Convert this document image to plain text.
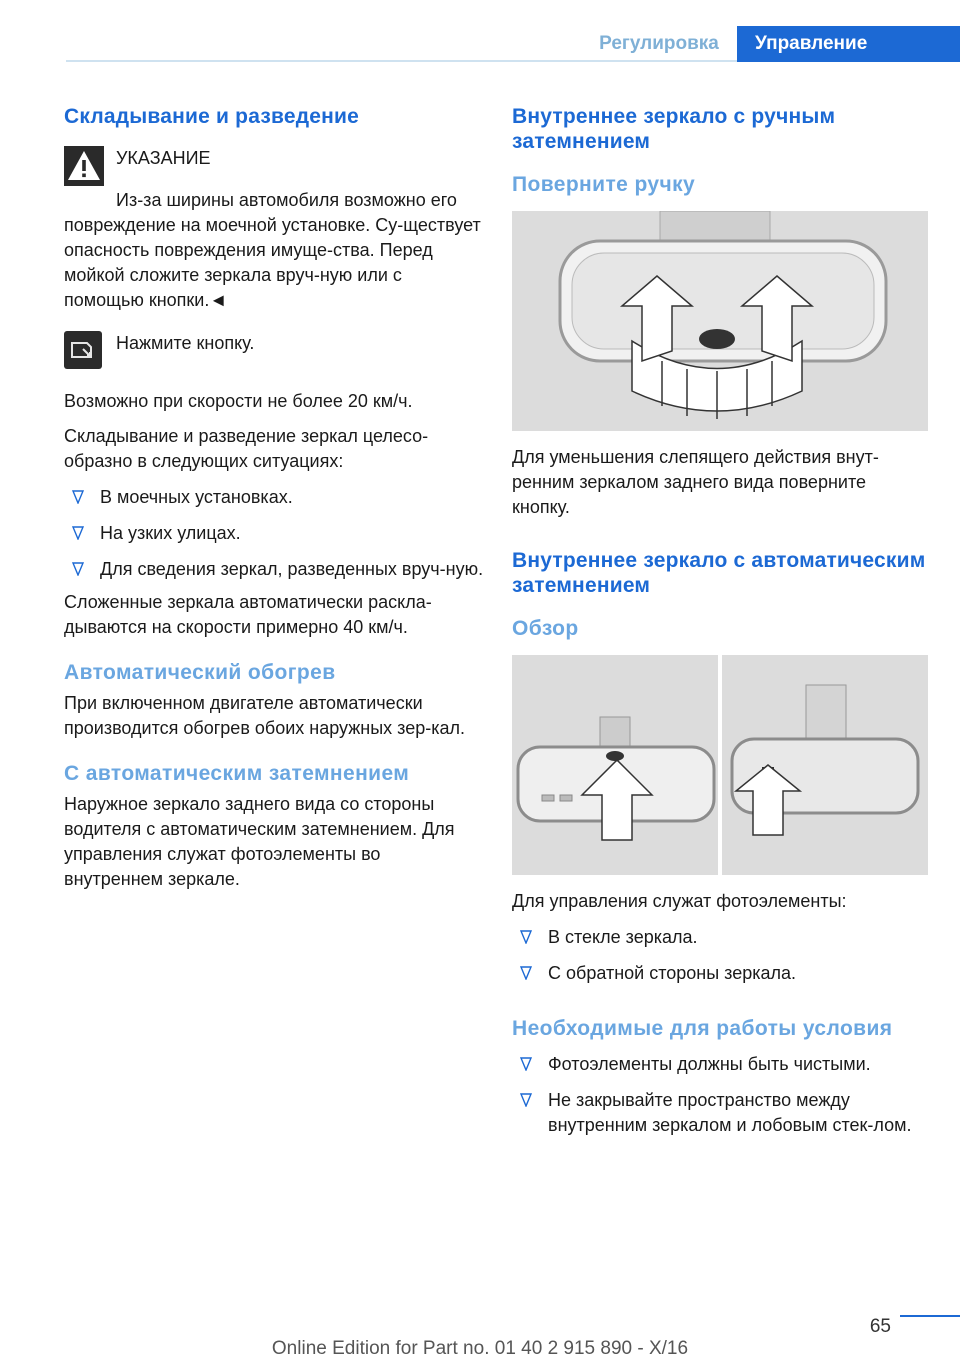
Регулировка	Управление
Складывание и разведение
УКАЗАНИЕ

Из-за ширины автомобиля возможно его повреждение на моечной установке. Су-ществует опасность повреждения имуще-ства. Перед мойкой сложите зеркала вруч-ную или с помощью кнопки.◄

Нажмите кнопку.

Возможно при скорости не более 20 км/ч.

Складывание и разведение зеркал целесо-образно в следующих ситуациях:

В моечных установках.
На узких улицах.
Для сведения зеркал, разведенных вруч-ную.

Сложенные зеркала автоматически раскла-дываются на скорости примерно 40 км/ч.

Автоматический обогрев

При включенном двигателе автоматически производится обогрев обоих наружных зер-кал.

С автоматическим затемнением

Наружное зеркало заднего вида со стороны водителя с автоматическим затемнением. Для управления служат фотоэлементы во внутреннем зеркале.

Внутреннее зеркало с ручным затемнением
Поверните ручку

Для уменьшения слепящего действия внут-ренним зеркалом заднего вида поверните кнопку.

Внутреннее зеркало с автоматическим затемнением
Обзор

Для управления служат фотоэлементы:

В стекле зеркала.
С обратной стороны зеркала.
Необходимые для работы условия
Фотоэлементы должны быть чистыми.
Не закрывайте пространство между внутренним зеркалом и лобовым стек-лом.
65
Online Edition for Part no. 01 40 2 915 890 - X/16
